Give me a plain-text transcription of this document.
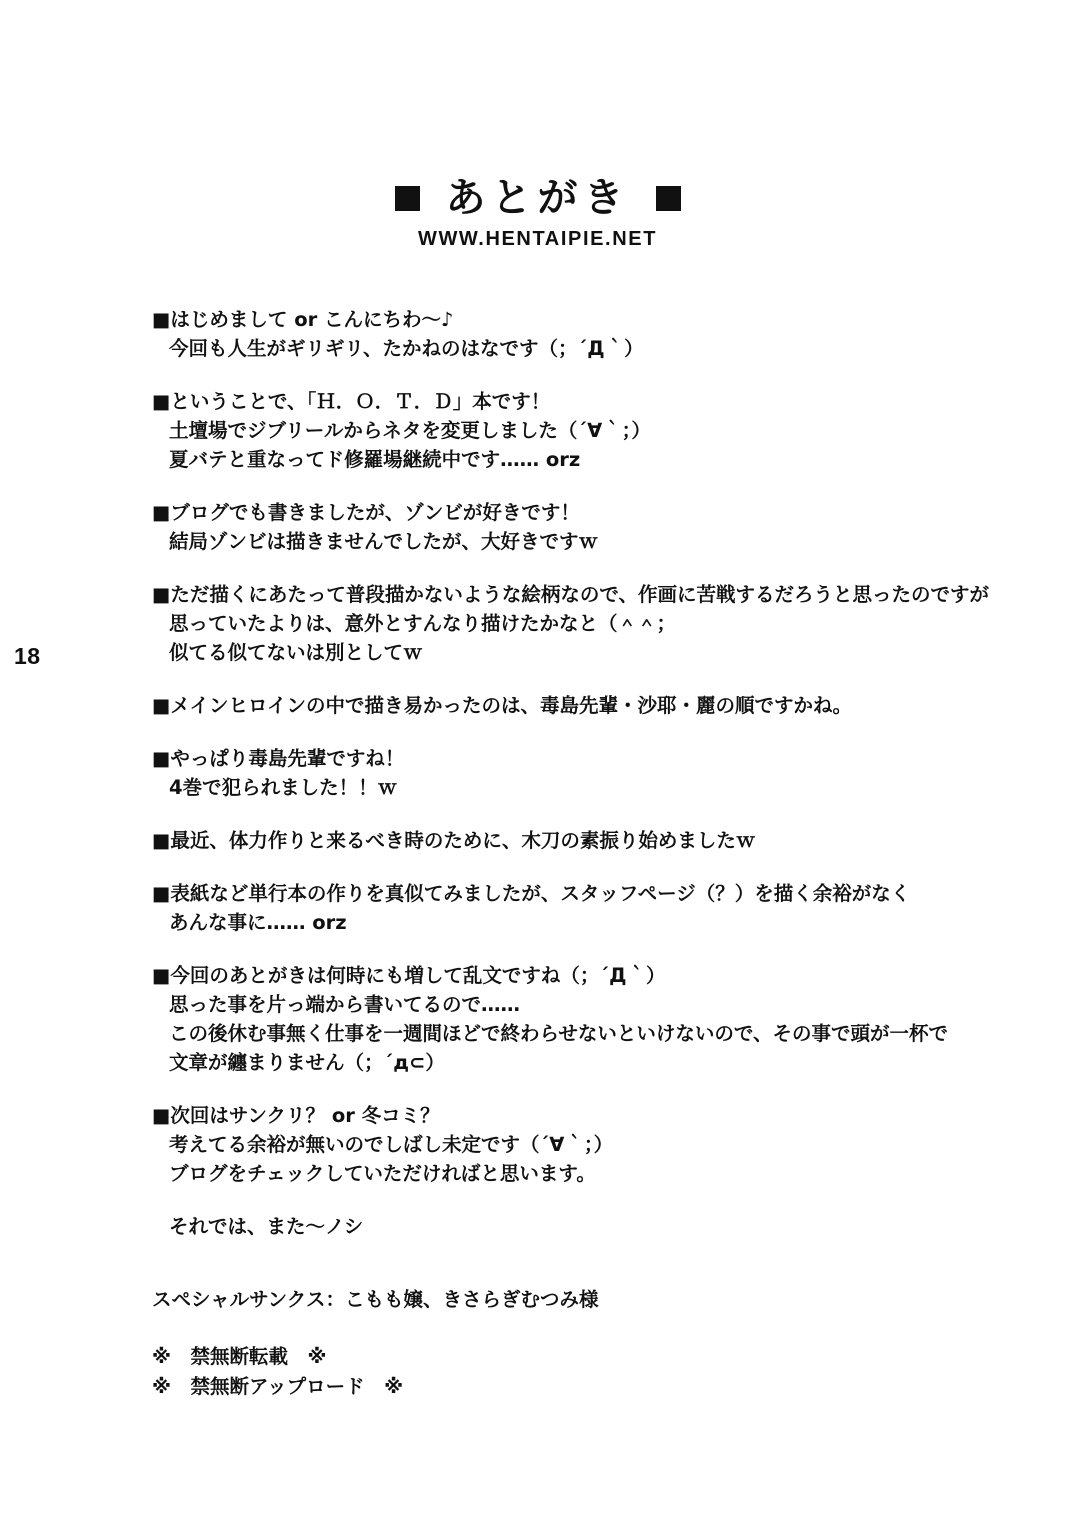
18
あとがき
WWW.HENTAIPIE.NET
■はじめまして or こんにちわ〜♪
今回も人生がギリギリ、たかねのはなです（；´Д｀）
■ということで、「Ｈ．Ｏ．Ｔ．Ｄ」本です！
土壇場でジブリールからネタを変更しました（´∀｀；）
夏バテと重なってド修羅場継続中です…… orz
■ブログでも書きましたが、ゾンビが好きです！
結局ゾンビは描きませんでしたが、大好きですｗ
■ただ描くにあたって普段描かないような絵柄なので、作画に苦戦するだろうと思ったのですが
思っていたよりは、意外とすんなり描けたかなと（＾＾；
似てる似てないは別としてｗ
■メインヒロインの中で描き易かったのは、毒島先輩・沙耶・麗の順ですかね。
■やっぱり毒島先輩ですね！
4巻で犯られました！！ｗ
■最近、体力作りと来るべき時のために、木刀の素振り始めましたｗ
■表紙など単行本の作りを真似てみましたが、スタッフページ（？）を描く余裕がなく
あんな事に…… orz
■今回のあとがきは何時にも増して乱文ですね（；´Д｀）
思った事を片っ端から書いてるので……
この後休む事無く仕事を一週間ほどで終わらせないといけないので、その事で頭が一杯で
文章が纏まりません（；´д⊂）
■次回はサンクリ？ or 冬コミ？
考えてる余裕が無いのでしばし未定です（´∀｀；）
ブログをチェックしていただければと思います。
それでは、また〜ノシ
スペシャルサンクス：こもも嬢、きさらぎむつみ様
※　禁無断転載　※
※　禁無断アップロード　※
